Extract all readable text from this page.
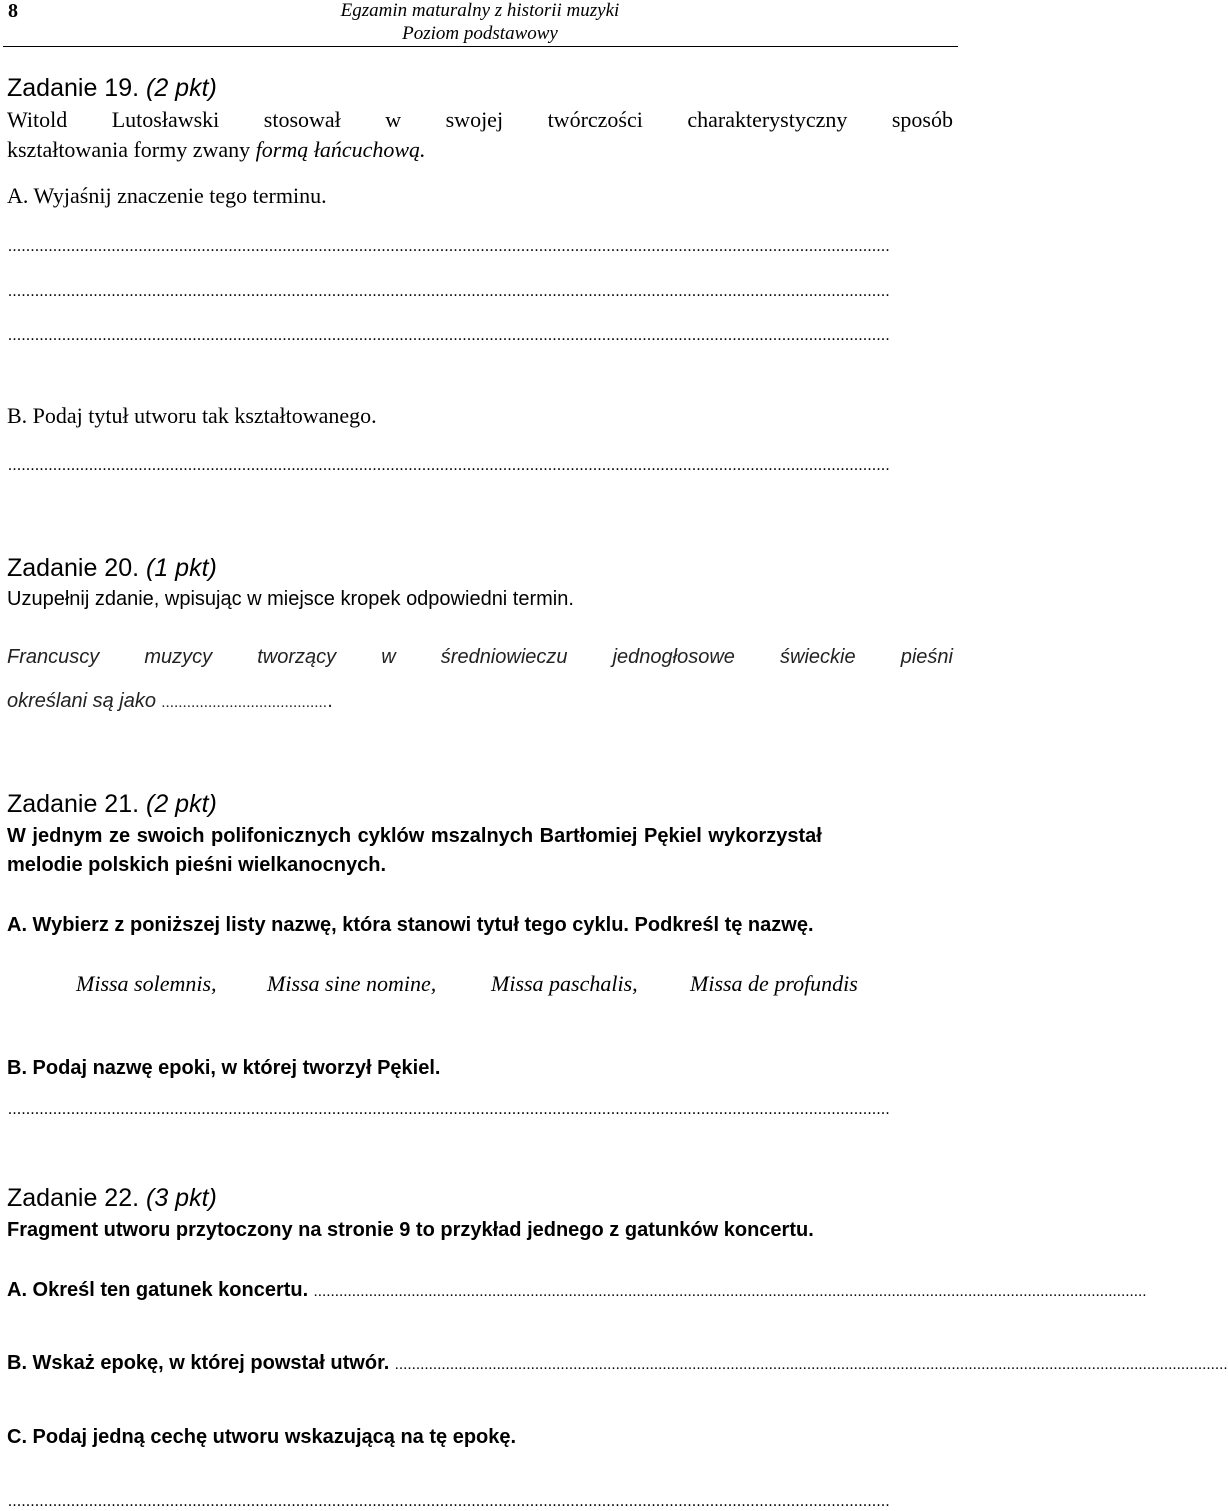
8	Egzamin maturalny z historii muzyki
Poziom podstawowy
Zadanie 19. (2 pkt)
Witold Lutosławski stosował w swojej twórczości charakterystyczny sposób
kształtowania formy zwany formą łańcuchową.
A. Wyjaśnij znaczenie tego terminu.
....................................................................................................................................................................................................
....................................................................................................................................................................................................
....................................................................................................................................................................................................
B. Podaj tytuł utworu tak kształtowanego.
....................................................................................................................................................................................................
Zadanie 20. (1 pkt)
Uzupełnij zdanie, wpisując w miejsce kropek odpowiedni termin.
Francuscy muzycy tworzący w średniowieczu jednogłosowe świeckie pieśni
określani są jako ........................................
Zadanie 21. (2 pkt)
W jednym ze swoich polifonicznych cyklów mszalnych Bartłomiej Pękiel wykorzystał
melodie polskich pieśni wielkanocnych.
A. Wybierz z poniższej listy nazwę, która stanowi tytuł tego cyklu. Podkreśl tę nazwę.
Missa solemnis, Missa sine nomine, Missa paschalis, Missa de profundis
B. Podaj nazwę epoki, w której tworzył Pękiel.
....................................................................................................................................................................................................
Zadanie 22. (3 pkt)
Fragment utworu przytoczony na stronie 9 to przykład jednego z gatunków koncertu.
A. Określ ten gatunek koncertu. ....................................................................................................................................................................................................
B. Wskaż epokę, w której powstał utwór. ....................................................................................................................................................................................................
C. Podaj jedną cechę utworu wskazującą na tę epokę.
....................................................................................................................................................................................................
